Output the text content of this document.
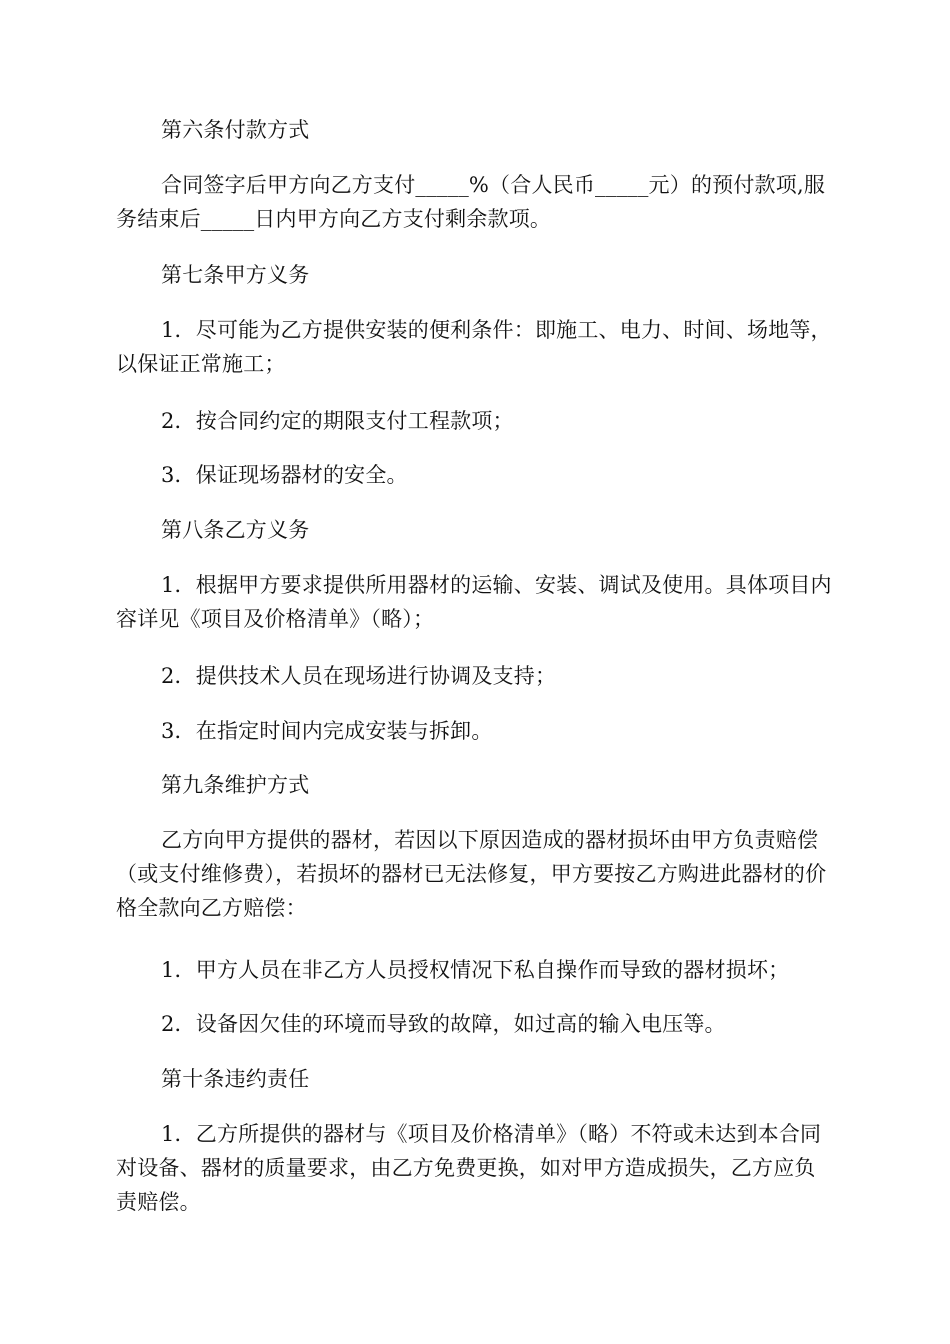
第六条付款方式

合同签字后甲方向乙方支付_____%（合人民币_____元）的预付款项,服务结束后_____日内甲方向乙方支付剩余款项。

第七条甲方义务

1．尽可能为乙方提供安装的便利条件：即施工、电力、时间、场地等，以保证正常施工；

2．按合同约定的期限支付工程款项；

3．保证现场器材的安全。

第八条乙方义务

1．根据甲方要求提供所用器材的运输、安装、调试及使用。具体项目内容详见《项目及价格清单》（略）；

2．提供技术人员在现场进行协调及支持；

3．在指定时间内完成安装与拆卸。

第九条维护方式

乙方向甲方提供的器材，若因以下原因造成的器材损坏由甲方负责赔偿（或支付维修费），若损坏的器材已无法修复，甲方要按乙方购进此器材的价格全款向乙方赔偿：

1．甲方人员在非乙方人员授权情况下私自操作而导致的器材损坏；

2．设备因欠佳的环境而导致的故障，如过高的输入电压等。

第十条违约责任

1．乙方所提供的器材与《项目及价格清单》（略）不符或未达到本合同对设备、器材的质量要求，由乙方免费更换，如对甲方造成损失，乙方应负责赔偿。
